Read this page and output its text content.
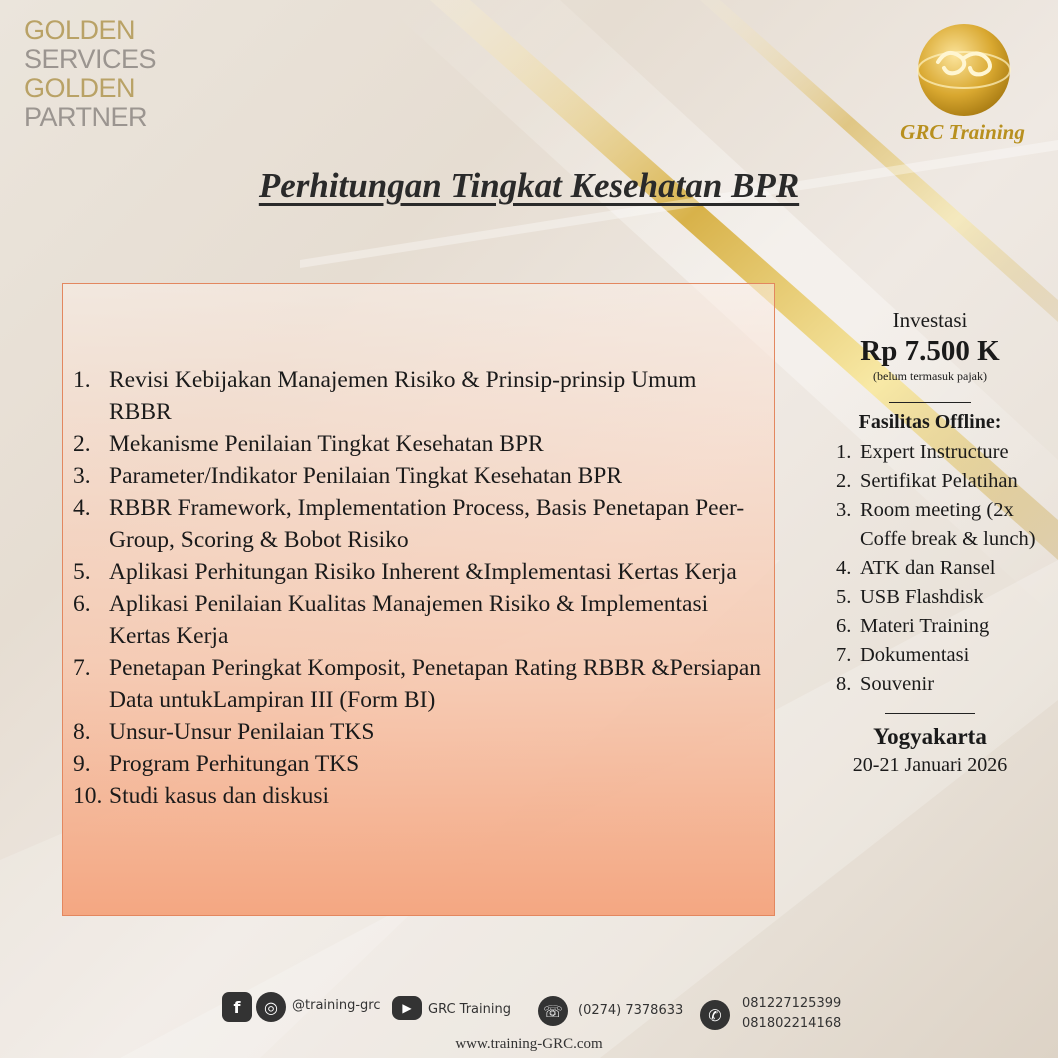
GOLDEN
SERVICES
GOLDEN
PARTNER	GRC Training
Perhitungan Tingkat Kesehatan BPR
1. Revisi Kebijakan Manajemen Risiko & Prinsip-prinsip Umum RBBR
2. Mekanisme Penilaian Tingkat Kesehatan BPR
3. Parameter/Indikator Penilaian Tingkat Kesehatan BPR
4. RBBR Framework, Implementation Process, Basis Penetapan Peer-Group, Scoring & Bobot Risiko
5. Aplikasi Perhitungan Risiko Inherent &Implementasi Kertas Kerja
6. Aplikasi Penilaian Kualitas Manajemen Risiko & Implementasi Kertas Kerja
7. Penetapan Peringkat Komposit, Penetapan Rating RBBR &Persiapan Data untukLampiran III (Form BI)
8. Unsur-Unsur Penilaian TKS
9. Program Perhitungan TKS
10. Studi kasus dan diskusi
Investasi
Rp 7.500 K
(belum termasuk pajak)
Fasilitas Offline:
1. Expert Instructure
2. Sertifikat Pelatihan
3. Room meeting (2x Coffe break & lunch)
4. ATK dan Ransel
5. USB Flashdisk
6. Materi Training
7. Dokumentasi
8. Souvenir
Yogyakarta
20-21 Januari 2026
f	◎	@training-grc	▶	GRC Training	☏	(0274) 7378633	✆
081227125399
081802214168
www.training-GRC.com
